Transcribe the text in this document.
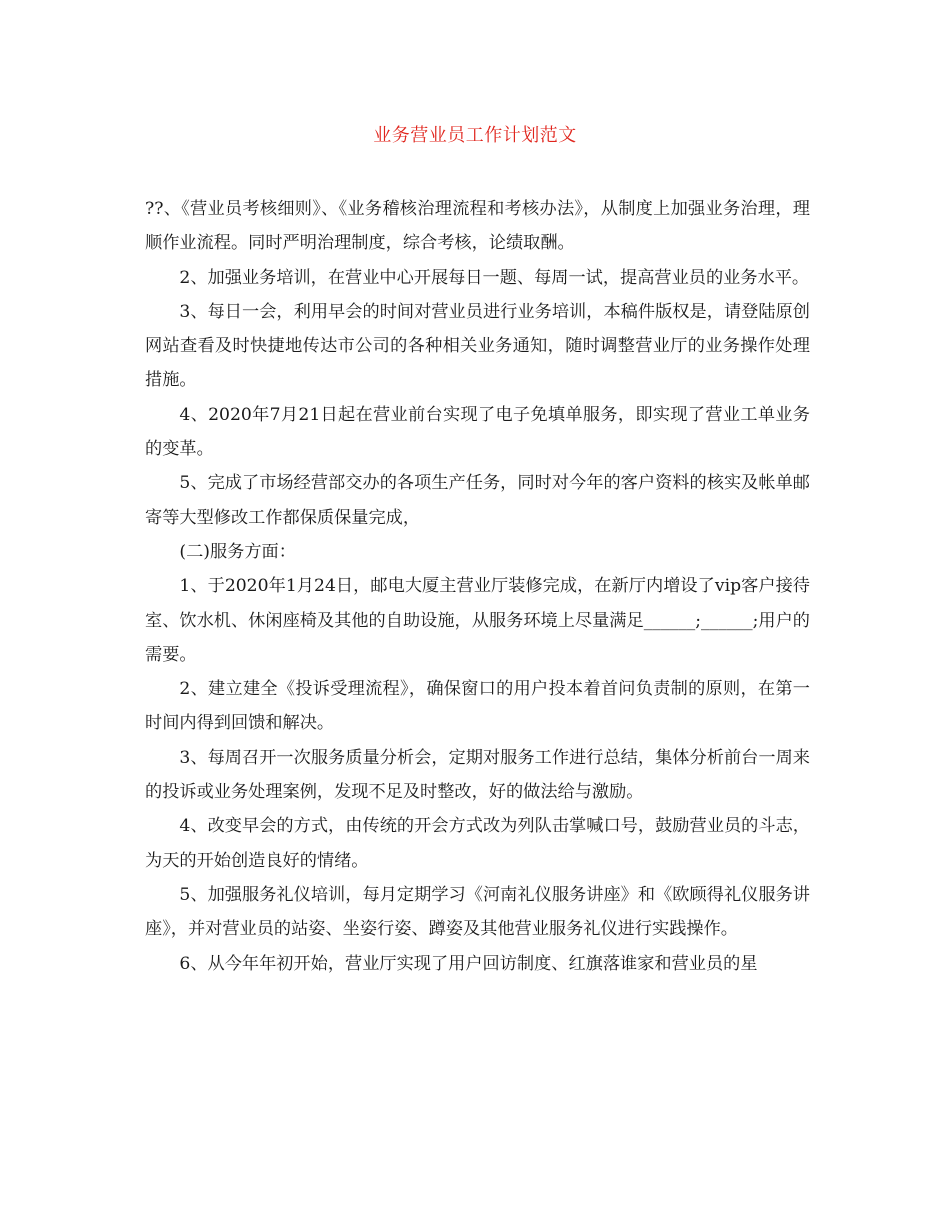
业务营业员工作计划范文

??、《营业员考核细则》、《业务稽核治理流程和考核办法》，从制度上加强业务治理，理顺作业流程。同时严明治理制度，综合考核，论绩取酬。

2、加强业务培训，在营业中心开展每日一题、每周一试，提高营业员的业务水平。

3、每日一会，利用早会的时间对营业员进行业务培训，本稿件版权是，请登陆原创网站查看及时快捷地传达市公司的各种相关业务通知，随时调整营业厅的业务操作处理措施。

4、2020年7月21日起在营业前台实现了电子免填单服务，即实现了营业工单业务的变革。

5、完成了市场经营部交办的各项生产任务，同时对今年的客户资料的核实及帐单邮寄等大型修改工作都保质保量完成，

(二)服务方面：

1、于2020年1月24日，邮电大厦主营业厅装修完成，在新厅内增设了vip客户接待室、饮水机、休闲座椅及其他的自助设施，从服务环境上尽量满足______;______;用户的需要。

2、建立建全《投诉受理流程》，确保窗口的用户投本着首问负责制的原则，在第一时间内得到回馈和解决。

3、每周召开一次服务质量分析会，定期对服务工作进行总结，集体分析前台一周来的投诉或业务处理案例，发现不足及时整改，好的做法给与激励。

4、改变早会的方式，由传统的开会方式改为列队击掌喊口号，鼓励营业员的斗志，为天的开始创造良好的情绪。

5、加强服务礼仪培训，每月定期学习《河南礼仪服务讲座》和《欧顾得礼仪服务讲座》，并对营业员的站姿、坐姿行姿、蹲姿及其他营业服务礼仪进行实践操作。

6、从今年年初开始，营业厅实现了用户回访制度、红旗落谁家和营业员的星
